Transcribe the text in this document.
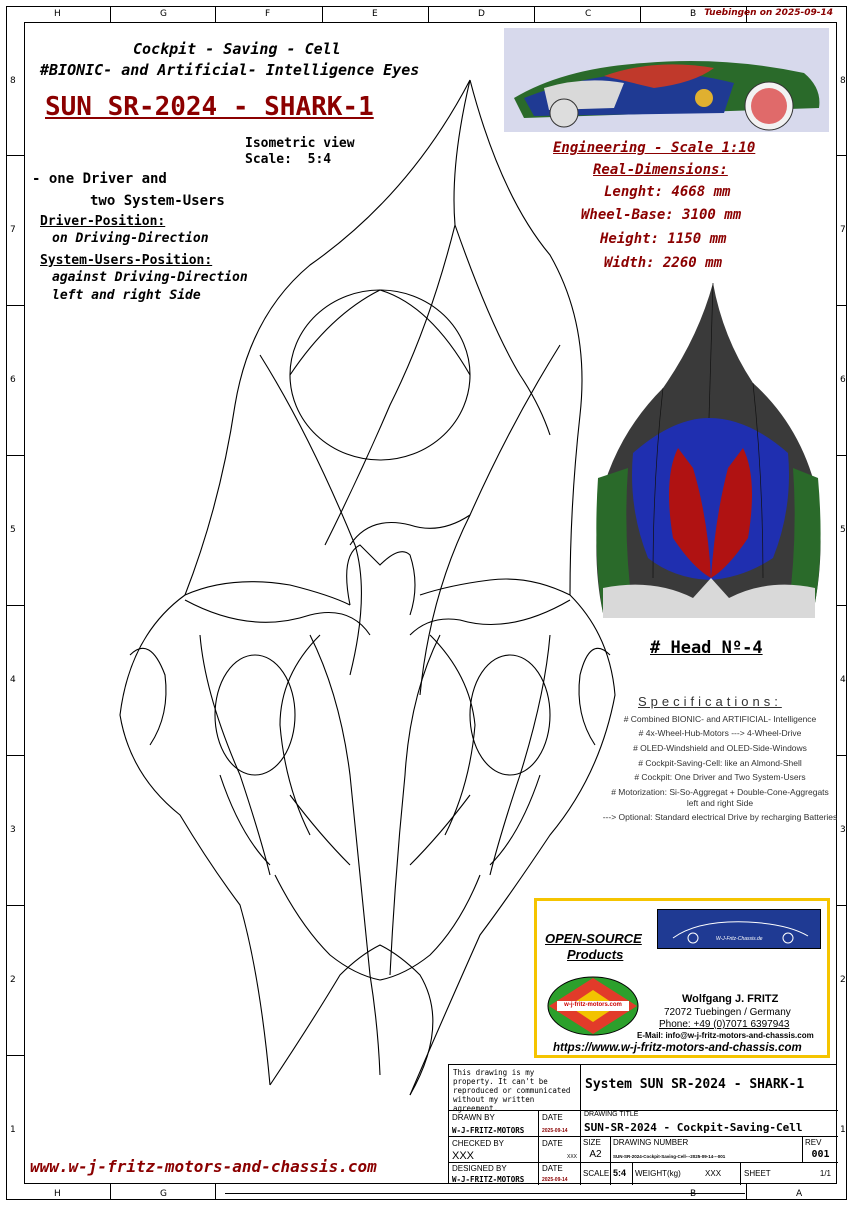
H	G	F	E	D	C	B
8
7
6
5
4
3
2
1
8
7
6
5
4
3
2
1
H	G	B	A
Tuebingen on 2025-09-14
Cockpit - Saving - Cell
#BIONIC- and Artificial- Intelligence Eyes
SUN SR-2024 - SHARK-1
Isometric view
Scale:  5:4
- one Driver and
two System-Users
Driver-Position:
on Driving-Direction
System-Users-Position:
against Driving-Direction
left and right Side
Engineering - Scale 1:10
Real-Dimensions:
Lenght: 4668 mm
Wheel-Base: 3100 mm
Height: 1150 mm
Width: 2260 mm
# Head Nº-4
Specifications:
# Combined BIONIC- and ARTIFICIAL- Intelligence
# 4x-Wheel-Hub-Motors ---> 4-Wheel-Drive
# OLED-Windshield and OLED-Side-Windows
# Cockpit-Saving-Cell: like an Almond-Shell
# Cockpit: One Driver and Two System-Users
# Motorization: Si-So-Aggregat + Double-Cone-Aggregats
left and right Side
---> Optional: Standard electrical Drive by recharging Batteries
OPEN-SOURCE
Products
W-J-Fritz-Chassis.de
w-j-fritz-motors.com	Wolfgang J. FRITZ
72072 Tuebingen / Germany
Phone: +49 (0)7071 6397943
E-Mail: info@w-j-fritz-motors-and-chassis.com
https://www.w-j-fritz-motors-and-chassis.com
www.w-j-fritz-motors-and-chassis.com
This drawing is my property. It can't be reproduced or communicated without my written agreement.
System SUN SR-2024 - SHARK-1
DRAWN BY
W-J-FRITZ-MOTORS
DATE
2025-09-14
CHECKED BY
XXX
DATE
XXX
DESIGNED BY
W-J-FRITZ-MOTORS
DATE
2025-09-14
DRAWING TITLE
SUN-SR-2024 - Cockpit-Saving-Cell
SIZE
A2
DRAWING NUMBER
SUN-SR-2024-Cockpit-Saving-Cell---2025-09-14---001
REV
001
SCALE 5:4	WEIGHT(kg)	XXX	SHEET	1/1
